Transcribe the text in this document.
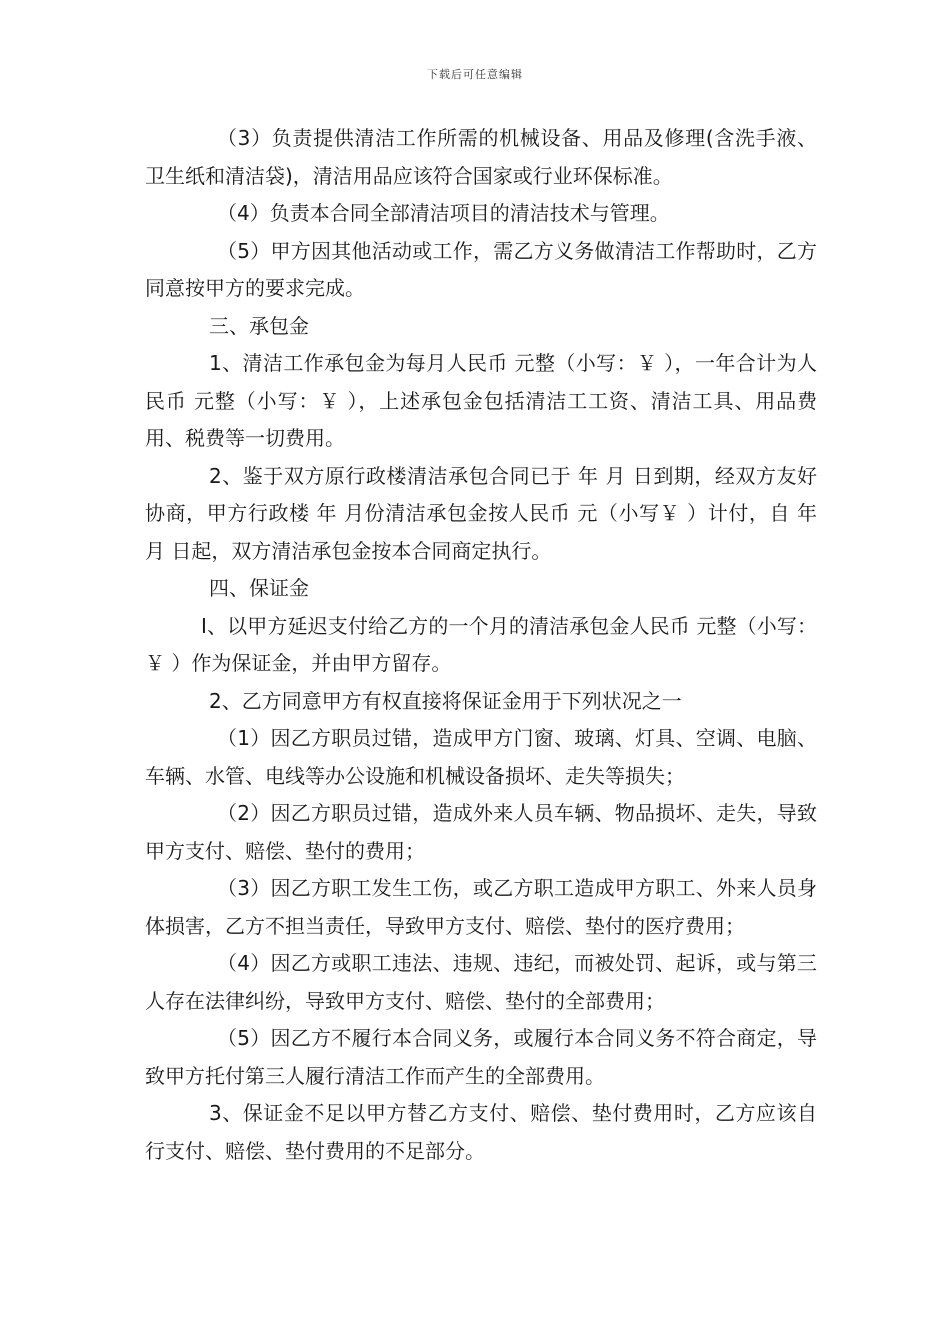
下载后可任意编辑

（3）负责提供清洁工作所需的机械设备、用品及修理(含洗手液、卫生纸和清洁袋)，清洁用品应该符合国家或行业环保标准。

（4）负责本合同全部清洁项目的清洁技术与管理。

（5）甲方因其他活动或工作，需乙方义务做清洁工作帮助时，乙方同意按甲方的要求完成。

三、承包金

1、清洁工作承包金为每月人民币 元整（小写：￥ ），一年合计为人民币 元整（小写：￥ ），上述承包金包括清洁工工资、清洁工具、用品费用、税费等一切费用。

2、鉴于双方原行政楼清洁承包合同已于 年 月 日到期，经双方友好协商，甲方行政楼 年 月份清洁承包金按人民币 元（小写￥ ）计付，自 年 月 日起，双方清洁承包金按本合同商定执行。

四、保证金

I、以甲方延迟支付给乙方的一个月的清洁承包金人民币 元整（小写：￥ ）作为保证金，并由甲方留存。

2、乙方同意甲方有权直接将保证金用于下列状况之一

（1）因乙方职员过错，造成甲方门窗、玻璃、灯具、空调、电脑、车辆、水管、电线等办公设施和机械设备损坏、走失等损失；

（2）因乙方职员过错，造成外来人员车辆、物品损坏、走失，导致甲方支付、赔偿、垫付的费用；

（3）因乙方职工发生工伤，或乙方职工造成甲方职工、外来人员身体损害，乙方不担当责任，导致甲方支付、赔偿、垫付的医疗费用；

（4）因乙方或职工违法、违规、违纪，而被处罚、起诉，或与第三人存在法律纠纷，导致甲方支付、赔偿、垫付的全部费用；

（5）因乙方不履行本合同义务，或履行本合同义务不符合商定，导致甲方托付第三人履行清洁工作而产生的全部费用。

3、保证金不足以甲方替乙方支付、赔偿、垫付费用时，乙方应该自行支付、赔偿、垫付费用的不足部分。
